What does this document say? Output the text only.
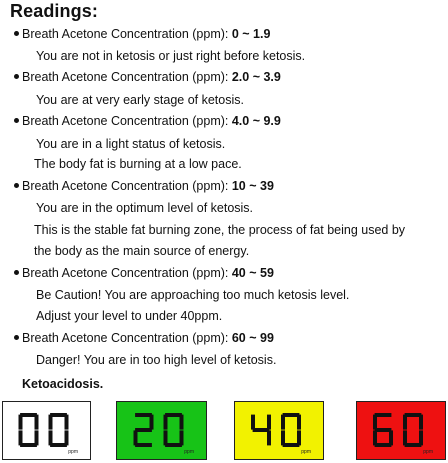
Readings:
Breath Acetone Concentration (ppm): 0 ~ 1.9
You are not in ketosis or just right before ketosis.
Breath Acetone Concentration (ppm): 2.0 ~ 3.9
You are at very early stage of ketosis.
Breath Acetone Concentration (ppm): 4.0 ~ 9.9
You are in a light status of ketosis.
The body fat is burning at a low pace.
Breath Acetone Concentration (ppm): 10 ~ 39
You are in the optimum level of ketosis.
This is the stable fat burning zone, the process of fat being used by
the body as the main source of energy.
Breath Acetone Concentration (ppm): 40 ~ 59
Be Caution! You are approaching too much ketosis level.
Adjust your level to under 40ppm.
Breath Acetone Concentration (ppm): 60 ~ 99
Danger! You are in too high level of ketosis.
Ketoacidosis.
ppm	ppm	ppm	ppm
